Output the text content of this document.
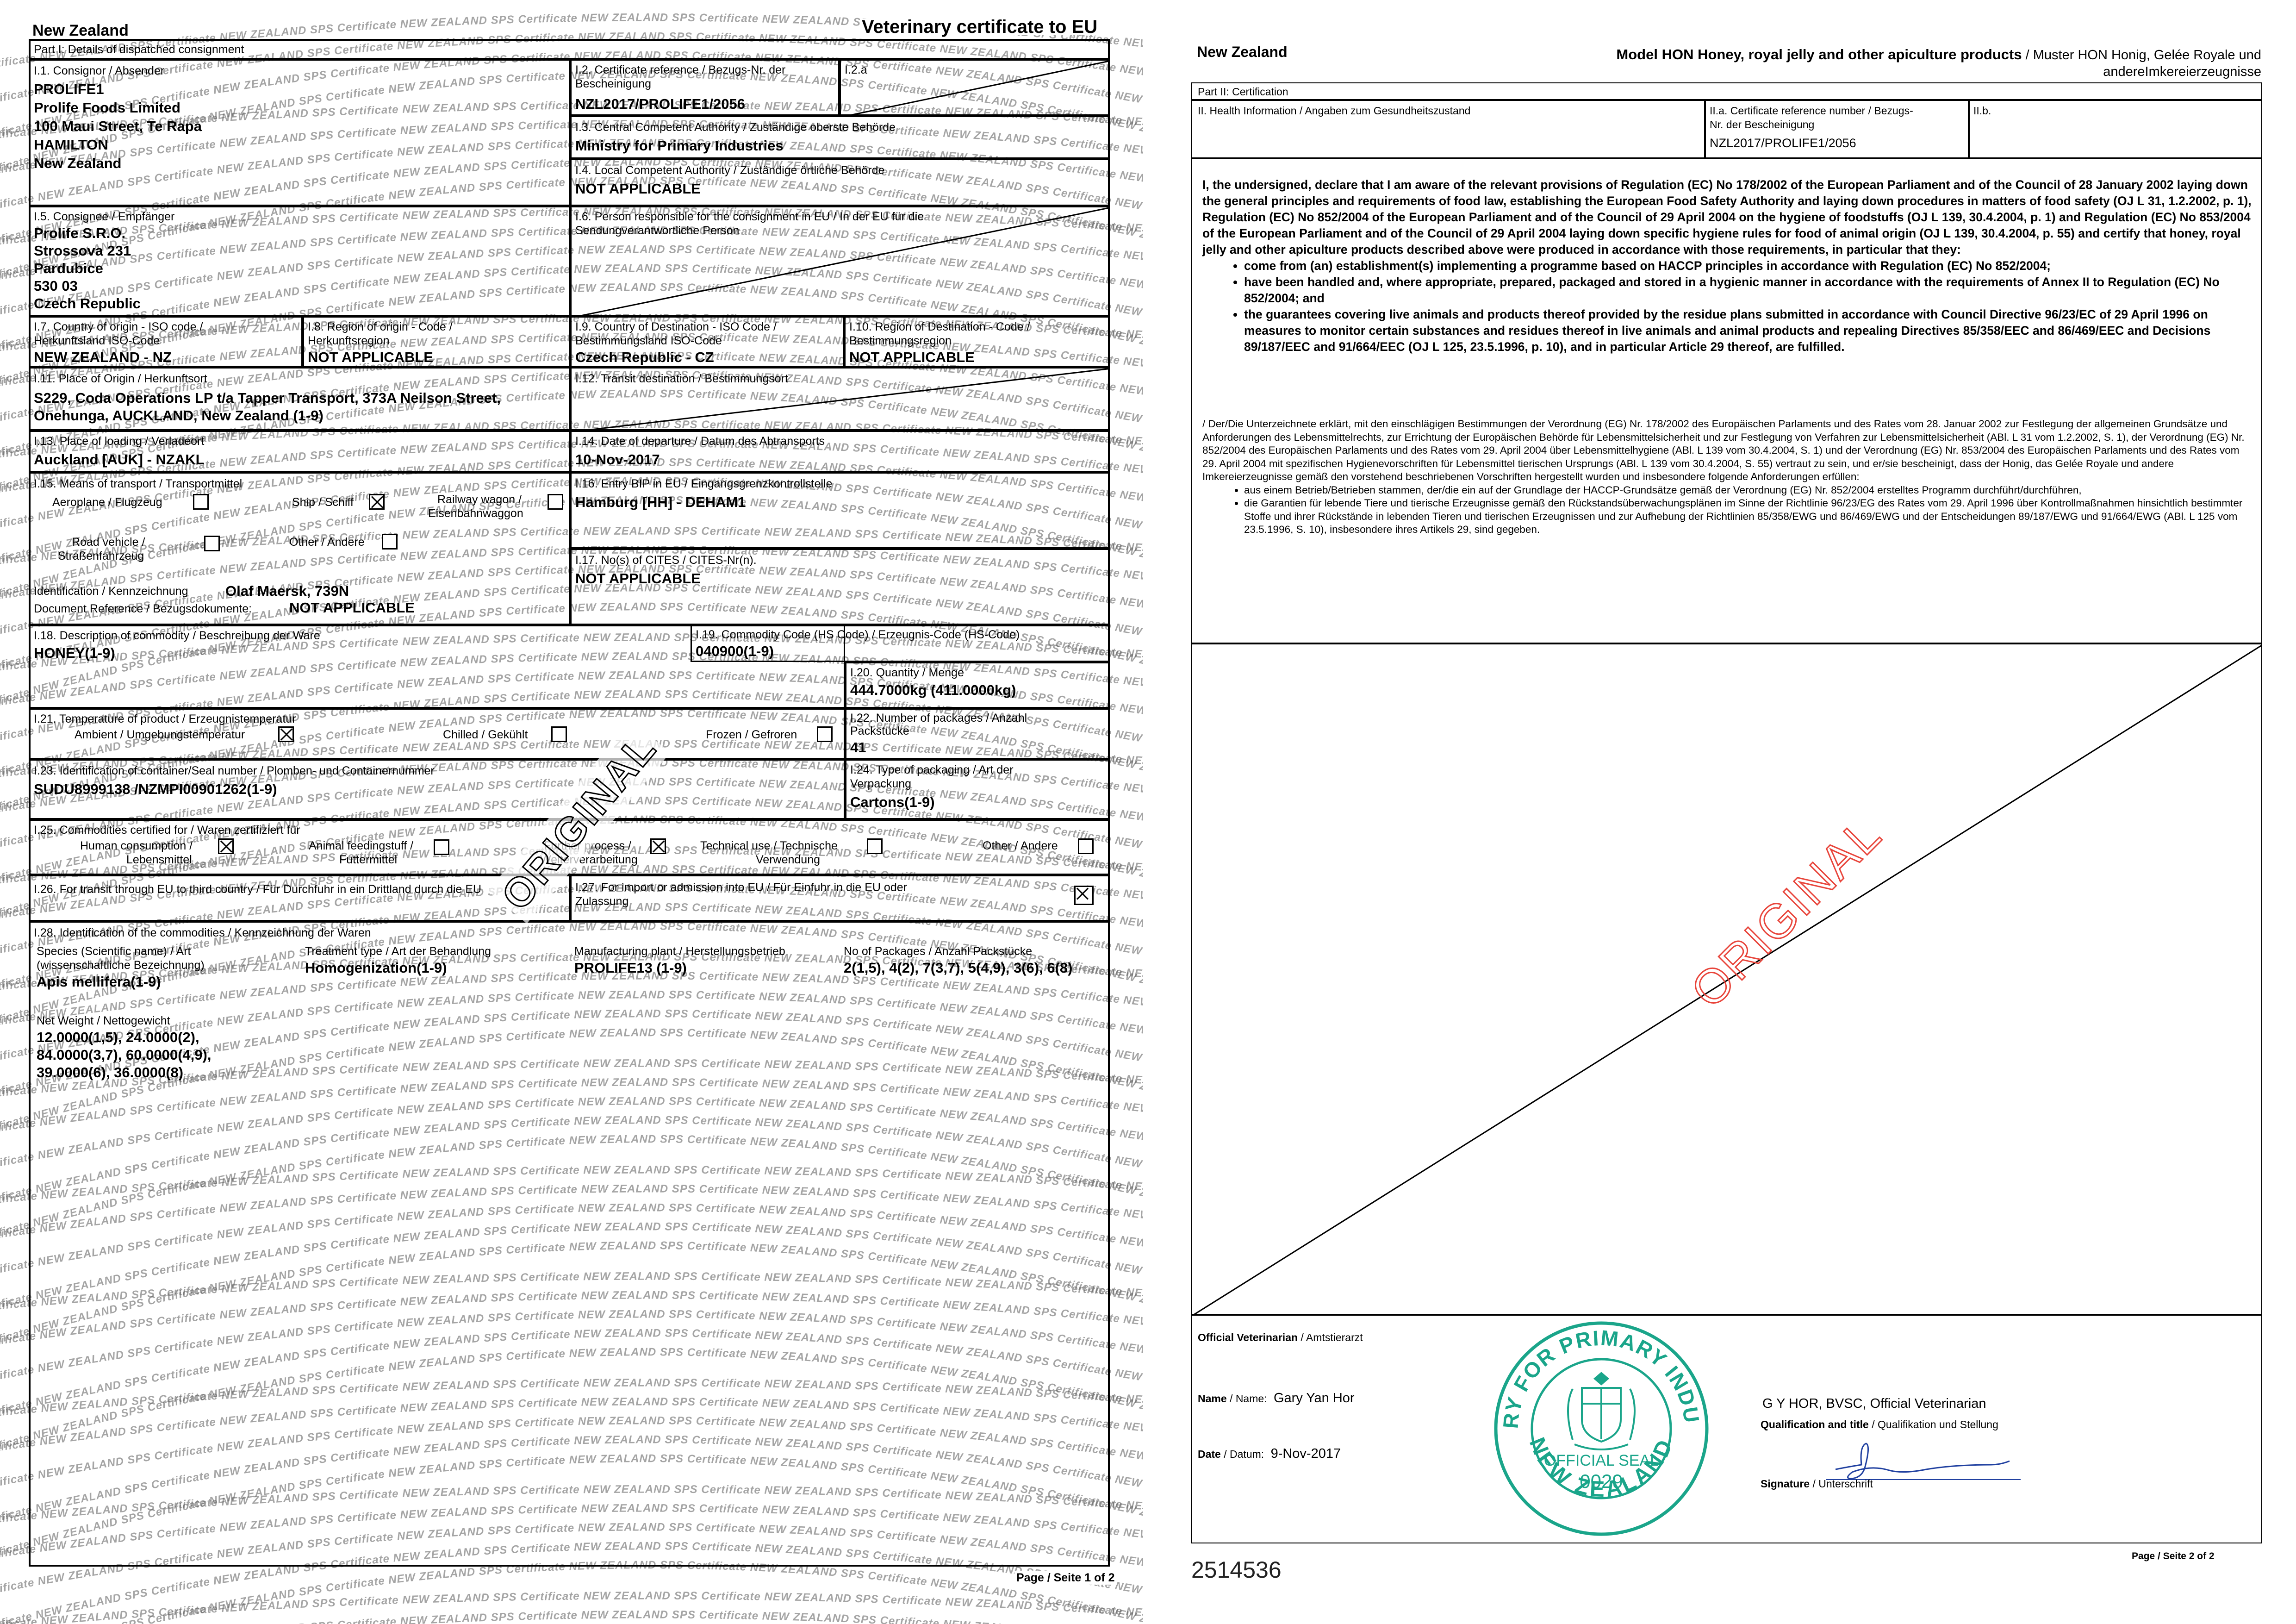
ificate NEW ZEALAND SPS Certificate NEW ZEALAND SPS Certificate NEW ZEALAND SPS Certificate NEW ZEALAND SPS Certificate NEW ZEALAND S Certificate NE
ficate NEW ZEALAND SPS Certificate NEW ZEALAND SPS Certificate NEW ZEALAND SPS Certificate NEW ZEALAND SPS Certificate NEW ZEALAND SPS Certificate NEW ZEALAND SPS Certif cate NE
ficate NEW ZEALAND SPS Certificate NEW ZEALAND SPS Certificate NEW ZEALAND SPS Certificate NEW ZEALAND SPS Certificate NEW ZEALAND SPS Certificate NEW ZEALAN SPS Certificate NEW
icate NEW ZEALAND SPS Certificate NEW ZEALAND SPS Certificate NEW ZEALAND SPS Certificate NEW ZEALAND SPS Certificate NEW ZEALAND SPS Certificate NEW ZEALAND SPS Certificate NEW
ificate NEW ZEALAND SPS Certificate NEW ZEALAND SPS Certificate NEW ZEALAND SPS Certificate NEW ZEALAND SPS Certificate NEW ZEALAND SPS Certificate NEW ZEALAND SPS Certificate NE
ificate NEW ZEALAND SPS Certificate NEW ZEALAND SPS Certificate NEW ZEALAND SPS Certificate NEW ZEALAND SPS Certificate NEW ZEALAND SPS Certificate NEW ZEALAND SPS Certificate NE
ficate NEW ZEALAND SPS Certificate NEW ZEALAND SPS Certificate NEW ZEALAND SPS Certificate NEW ZEALAND SPS Certificate NEW ZEALAND SPS Certificate NEW ZEALAND SPS Certificate NE
ficate NEW ZEALAND SPS Certificate NEW ZEALAND SPS Certificate NEW ZEALAND SPS Certificate NEW ZEALAND SPS Certificate NEW ZEALAND SPS Certificate NEW ZEALAND SPS Certificate NEW
icate NEW ZEALAND SPS Certificate NEW ZEALAND SPS Certificate NEW ZEALAND SPS Certificate NEW ZEALAND SPS Certificate NEW ZEALAND SPS Certificate NEW ZEALAND SPS C rtificate NEW
ificate NEW ZEALAND SPS Certificate NEW ZEALAND SPS Certificate NEW ZEALAND SPS Certificate NEW ZEALAND SPS Certificate NEW ZEALAND SPS Certificate NEW ZEALAND PS Certificate NE
ificate NEW ZEALAND SPS Certificate NEW ZEALAND SPS Certificate NEW ZEALAND SPS Certificate NEW ZEALAND SPS Certificate NEW ZEALAND SPS Certificate NEW ZEALAND SPS Certificate NE
ficate NEW ZEALAND SPS Certificate NEW ZEALAND SPS Certificate NEW ZEALAND SPS Certificate NEW ZEALAND SPS Certificate NEW ZEALAND SP Certificate NEW ZEALAND SPS Certificate NE
ficate NEW ZEALAND SPS Certificate NEW ZEALAND SPS Certificate NEW ZEALAND SPS Certificate NEW ZEALAND SPS Certificate NEW ZEALAND SPS Certificate NEW ZEALAND SPS Certificate NEW
icate NEW ZEALAND SPS Certificate NEW ZEALAND SPS Certificate NEW ZEALAND SPS Certificate NEW ZEALAND SPS Cert icate NEW ZEALAND SPS Certificate NEW ZEALAND SPS Certificate NEW
ificate NEW ZEALAND SPS Certificate NEW ZEALAND SPS Certificate NEW ZEALAND SPS Certificate NEW ZEALAND SPS Certificate NEW ZEALAND SPS Certificate NEW ZEALAND SPS Certificate NE
ificate NEW ZEALAND SPS Certificate NEW ZEALAND SPS Certificate NEW ZEALAND SPS Certificate NEW ZEALAND SPS Certificate NEW ZEALAND SPS Certificate NEW ZEALAND SPS Certificate NE
ficate NEW ZEALAND SPS Certificate NEW ZEALAND SPS Certificate NEW ZEALAND SPS Certificate NEW ZEALAND SPS Certificate NEW ZEALAND SPS Certificate NEW ZEALAND PS Certificate NE
ficate NEW ZEALAND SPS Certificate NEW ZEALAND SPS Certificate NEW ZEALAND SPS Certificate NEW ZEALAND SPS Certificate NEW ZEALAND SPS Certificate NEW ZEALAND SPS Certificate NEW
icate NEW ZEALAND SPS Certificate NEW ZEALAND SPS Certificate NEW ZEALAND SPS Certificate NEW ZEALAND SPS Certificate NEW ZEALAN SPS Certificate NEW ZEALAND SPS Certificate NEW
ificate NEW ZEALAND SPS Certificate NEW ZEALAND SPS Certificate NEW ZEALAND SPS Certificate NEW ZE LAND SPS Certificate NEW ZEALAND SPS Certificate NEW ZEALAND SPS Certificate NE
ificate NEW ZEALAND SPS Certificate NEW ZEALAND SPS Certificate NEW ZEALAND SPS Certificate NEW ZEALAND SPS Certificate NEW ZEALAND SPS Certificate NEW ZEALAND SPS Certificate NE
ficate NEW ZEALAND SPS Certificate NEW ZEALAND SPS Certificate NEW ZEALAND SPS Certificate NEW ZEALAND SPS Certificate NEW ZEALAND SPS Certificate NEW ZEALAND SPS Certificate NE
ficate NEW ZEALAND SPS Certificate NEW ZEALAND SPS Certifi e NEW ZEALAND SPS Certificate NEW ZEALAND SPS Certificate NEW ZEALAND SPS Certificate NEW ZEALAND SPS Certificate NEW
icate NEW ZEALAND SPS Certificate EW ZEALAND SPS Certificate NEW ZEALAND SPS Certific NEW ZEALAND SPS Certificate NEW ZEALAND SPS Certificate NEW ZEALAND SPS Certificate NEW
ificate NEW ZEALAND SPS Certific NEW ZEALAND SPS Certific NEW ZEALAND SPS Certificate NEW ZEALAND SPS Certificate NEW ZEALAND SPS Certificate NEW ZEALAND SPS Certificate NE
ificate NEW ZEALAND SPS Certificate NEW ZEALAND SPS Certificate NEW ZEALAND SPS Certificate NEW ZEALAND SPS Certificate NEW ZEALAND SPS Certificate NEW ZEALAND SPS Certificate NE
ficate NEW ZEALAND SPS Certificate NEW ZEALAND SPS Certificate NEW ZEALAND SPS Certificate NEW ZEALAND SPS Certificate NEW ZEALAND SPS Certificate NEW ZEALAND SPS Certificate NE
ficate NEW ZEALAND SPS Certificate NEW ZEALAND SPS Certificate NEW ZEALAND SPS Certificate NEW ZEALAND SPS Certificate NEW ZEALAND SPS Certificate NEW ZEALAND SPS Certificate NEW
icate NEW ZEALAND SPS Certificate NEW ZEALAND SPS Certificate NEW ZEALAND SPS Certificate NEW ZEALAND SPS Certificate NEW ZEALAND SPS Certificate NEW ZEALAND SPS Certificate NEW
ificate NEW ZEALAND SPS Certificate NEW ZEALAND SPS Certificate NEW ZEALAND SPS Certificate NEW ZEALAND SPS Certificate NEW ZEALAND SPS Certificate NEW ZEALAND SPS Certificate NE
ificate NEW ZEALAND SPS Certificate NEW ZEALAND SPS Certificate NEW ZEALAND SPS Certificate NEW ZEALAND SPS Certificate NEW ZEALAND SPS Certificate NEW ZEALAND SPS Certificate NE
ficate NEW ZEALAND SPS Certificate NEW ZEALAND SPS Certificate NEW ZEALAND SPS Certificate NEW ZEALAND SPS Certificate NEW ZEALAND SPS Certificate NEW ZEALAND SPS Certificate NE
ficate NEW ZEALAND SPS Certificate NEW ZEALAND SPS Certificate NEW ZEALAND SPS Certificate NEW ZEALAND SPS Certificate NEW ZEALAND SPS Certificate NEW ZEALAND SPS Certificate NEW
icate NEW ZEALAND SPS Certificate NEW ZEALAN SPS Certificate NEW ZEALAND SPS Certificate NEW ZEALAND SPS Certificate NEW ZEALAND SPS Certificate NEW ZEALAND SPS Certificate NEW
ificate NEW ZEALAND SPS Certificate NEW ZEALAND SPS Certificate NEW ZEALAND SPS Certificate NEW D SPS Certificate NEW ZEALAND SPS Certificate NEW ZEALAND SPS Certificate NE
ificate NEW ZEALAND SPS Certificate NEW ZEALAND SPS Certificate NEW ZEALAND SPS Certificate NE D SPS Certificate NEW ZEALAND SPS Certificate NEW ZEALAND SPS Certificate NE
ficate NEW ZEALAND SPS Certificate NEW ZEALAND SPS Certificate NEW ZEALAND SPS Certificate ND SPS Certificate NEW ZEALAND SPS Certificate NEW ZEALAND SPS Certificate NE
ficate NEW ZEALAND SPS Certificate NEW ZEALAND SPS Certificate NEW ZEALAND SPS Certifica LAND SPS Certificate NEW ZEALAND SPS Certificate NEW ZEALAND SPS Certificate NEW
icate NEW ZEALAND SPS Certificate NEW ZEALAND SPS Certificate NEW ZEALAND SPS Certifi ALAND SPS Certificate NEW ZEALAND SPS Certificate NEW ZEALAND SPS Certificate NEW
ificate NEW ZEALAND SPS Certificate NEW ZEALAND SPS Certificate NEW ALAND SPS EW ZEALA D SPS Certificate NEW ZEALAND S Certificate NEW ZEALAND SPS Certificate NE
ificate NEW ZEALAND SPS Certificate NEW ZEALAND SPS Certificate NEW ZEALAND SP e NEW ZEALAND SPS Certificate NEW ZEALAND SPS Certificate NEW ZEALAND SPS Ce icate NE
ficate NEW ZEALAND SPS Certificate NEW ZEALAND SPS Certificate NEW ZEALAND ate NEW ZEALAND SPS Certificate NEW ZEALAND SPS Certificate NEW ZEALAND SPS Certificate NE
ficate NEW ZEALAND SPS Certificate NEW ZEALAND SPS Certificate NEW ZEALAND SPS ficate NEW ZEALAND SPS Certificate NEW ZEALAND SPS Certificate NEW ZEALAND SPS Certificate NEW
icate NEW ZEALAND SPS Certificate NEW ZEALAND SPS Certificate NEW ZEALAND SPS Certificate NEW ZEALAND SPS Certificate NEW ZEALAND SPS Certificate NEW ZEALAND SPS Certificate NEW
ificate NEW ZEALAND SPS Certificate NEW ZEALAND SPS Certificate NEW ZEALAND SPS Certificate NEW ZEALAND SPS Certificate NEW ZEALAND SPS Certificate NEW ZEALAND SPS Certificate NE
ificate NEW ZEALAND SPS Certificate NEW ZEALAND SPS Certificate NEW ZEALAND SPS Certificate NEW ZEALAND SPS Certificate NEW ZEALAND SPS Certificate NEW ZEALAND SPS Certificate NE
ficate NEW ZEALAND SPS Certificate NEW ZEALAND SPS Certificate NEW ZEALAND SPS Certificate NEW ZEALAND SPS Certificate NEW ZEALAND SPS Certificate NEW ZEALAND SPS Certificate NE
ficate NEW ZEALAND SPS Certificate NEW ZEALAND SPS Certificate NEW ZEALAND SPS Certificate NEW ZEALAND SPS Certificate NEW ZEALAND SPS Certificate NEW ZEALAND SPS Certificate NEW
icate NEW ZEALAND SPS Certificate NEW ZEALAND SPS Certificate NEW ZEALAND SPS Certificate NEW ZEALAND SPS Certificate NEW ZEALAND SPS Certificate NEW ZEALAND SPS Certificate NEW
ificate NEW ZEALAND SPS Certificate NEW ZEALAND SPS Certificate NEW ZEALAND SPS Certificate NEW ZEALAND SPS Certificate NEW ZEALAND SPS Certificate NEW ZEALAND SPS Certificate NE
ificate NEW ZEALAND SPS Certificate NEW ZEALAND SPS Certificate NEW ZEALAND SPS Certificate NEW ZEALAND SPS Certificate NEW ZEALAND SPS Certificate NEW ZEALAND SPS Certificate NE
ficate NEW ZEALAND SPS Certificate NEW ZEALAND SPS Certificate NEW ZEALAND SPS Certificate NEW ZEALAND SPS Certificate NEW ZEALAND SPS Certificate NEW ZEALAND SPS Certificate NE
ficate NEW ZEALAND SPS Certificate NEW ZEALAND SPS Certificate NEW ZEALAND SPS Certificate NEW ZEALAND SPS Certificate NEW ZEALAND SPS Certificate NEW ZEALAND SPS Certificate NEW
icate NEW ZEALAND SPS Certificate NEW ZEALAND SPS Certificate NEW ZEALAND SPS Certificate NEW ZEALAND SPS Certificate NEW ZEALAND SPS Certificate NEW ZEALAND SPS Certificate NEW
ificate NEW ZEALAND SPS Certificate NEW ZEALAND SPS Certificate NEW ZEALAND SPS Certificate NEW ZEALAND SPS Certificate NEW ZEALAND SPS Certificate NEW ZEALAND SPS Certificate NE
ificate NEW ZEALAND SPS Certificate NEW ZEALAND SPS Certificate NEW ZEALAND SPS Certificate NEW ZEALAND SPS Certificate NEW ZEALAND SPS Certificate NEW ZEALAND SPS Certificate NE
ficate NEW ZEALAND SPS Certificate NEW ZEALAND SPS Certificate NEW ZEALAND SPS Certificate NEW ZEALAND SPS Certificate NEW ZEALAND SPS Certificate NEW ZEALAND SPS Certificate NE
ficate NEW ZEALAND SPS Certificate NEW ZEALAND SPS Certificate NEW ZEALAND SPS Certificate NEW ZEALAND SPS Certificate NEW ZEALAND SPS Certificate NEW ZEALAND SPS Certificate NEW
icate NEW ZEALAND SPS Certificate NEW ZEALAND SPS Certificate NEW ZEALAND SPS Certificate NEW ZEALAND SPS Certificate NEW ZEALAND SPS Certificate NEW ZEALAND SPS Certificate NEW
ificate NEW ZEALAND SPS Certificate NEW ZEALAND SPS Certificate NEW ZEALAND SPS Certificate NEW ZEALAND SPS Certificate NEW ZEALAND SPS Certificate NEW ZEALAND SPS Certificate NE
ificate NEW ZEALAND SPS Certificate NEW ZEALAND SPS Certificate NEW ZEALAND SPS Certificate NEW ZEALAND SPS Certificate NEW ZEALAND SPS Certificate NEW ZEALAND SPS Certificate NE
ficate NEW ZEALAND SPS Certificate NEW ZEALAND SPS Certificate NEW ZEALAND SPS Certificate NEW ZEALAND SPS Certificate NEW ZEALAND SPS Certificate NEW ZEALAND SPS Certificate NE
ficate NEW ZEALAND SPS Certificate NEW ZEALAND SPS Certificate NEW ZEALAND SPS Certificate NEW ZEALAND SPS Certificate NEW ZEALAND SPS Certificate NEW ZEALAND SPS Certificate NEW
icate NEW ZEALAND SPS Certificate NEW ZEALAND SPS Certificate NEW ZEALAND SPS Certificate NEW ZEALAND SPS Certificate NEW ZEALAND SPS Certificate NEW ZEALAND SPS Certificate NEW
ificate NEW ZEALAND SPS Certificate NEW ZEALAND SPS Certificate NEW ZEALAND SPS Certificate NEW ZEALAND SPS Certificate NEW ZEALAND SPS Certificate NEW ZEALAND SPS Certificate NE
ificate NEW ZEALAND SPS Certificate NEW ZEALAND SPS Certificate NEW ZEALAND SPS Certificate NEW ZEALAND SPS Certificate NEW ZEALAND SPS Certificate NEW ZEALAND SPS Certificate NE
ficate NEW ZEALAND SPS Certificate NEW ZEALAND SPS Certificate NEW ZEALAND SPS Certificate NEW ZEALAND SPS Certificate NEW ZEALAND SPS Certificate NEW ZEALAND SPS Certificate NE
ficate NEW ZEALAND SPS Certificate NEW ZEALAND SPS Certificate NEW ZEALAND SPS Certificate NEW ZEALAND SPS Certificate NEW ZEALAND SPS Certificate NEW ZEALAND SPS Certificate NEW
icate NEW ZEALAND SPS Certificate NEW ZEALAND SPS Certificate NEW ZEALAND SPS Certificate NEW ZEALAND SPS Certificate NEW ZEALAND SPS Certificate NEW ZEALAND SPS Certificate NEW
ificate NEW ZEALAND SPS Certificate NEW ZEALAND SPS Certificate NEW ZEALAND SPS Certificate NEW ZEALAND SPS Certificate NEW ZEALAND SPS Certificate NEW ZEALAND SPS Certificate NE
ificate NEW ZEALAND SPS Certificate NEW ZEALAND SPS Certificate NEW ZEALAND SPS Certificate NEW ZEALAND SPS Certificate NEW ZEALAND SPS Certificate NEW ZEALAND SPS Certificate NE
ficate NEW ZEALAND SPS Certificate NEW ZEALAND SPS Certificate NEW ZEALAND SPS Certificate NEW ZEALAND SPS Certificate NEW ZEALAND SPS Certificate NEW ZEALAND SPS Certificate NE
ficate NEW ZEALAND SPS Certificate NEW ZEALAND SPS Certificate NEW ZEALAND SPS Certificate NEW ZEALAND SPS Certificate NEW ZEALAND SPS Certificate NEW ZEALAN NEW
S Certificate NEW ZEALAND SPS Certificate NEW ZEALAND SPS Certificate NEW ZEALAND SPS Certificate NEW ZEALAND SPS Certificate NEW ZEALAND SPS Certificate NEW
cate NEW ZEALAND SPS Certificate NEW ZEALAND SPS Certificate NEW ZEALAND SPS Certificate NEW ZEALAND SPS Certificate NEW ZEALAND SPS Certificate NEW ZEALAND SPS Certificate NE
tificate NEW ZEALAND SPS Certificate NEW ZEALAND SPS Certificate NEW ZEALAND SPS Certificate
New Zealand	Veterinary certificate to EU
Part I: Details of dispatched consignment
I.1. Consignor / Absender
PROLIFE1
Prolife Foods Limited
100 Maui Street, Te Rapa
HAMILTON
New Zealand
I.2. Certificate reference / Bezugs-Nr. der
Bescheinigung
NZL2017/PROLIFE1/2056
I.2.a
I.3. Central Competent Authority / Zuständige oberste Behörde
Ministry for Primary Industries
I.4. Local Competent Authority / Zuständige örtliche Behörde
NOT APPLICABLE
I.5. Consignee / Empfänger
Prolife S.R.O.
Strossova 231
Pardubice
530 03
Czech Republic
I.6. Person responsible for the consignment in EU / In der EU für die
Sendungverantwortliche Person
I.7. Country of origin - ISO code /
Herkunftsland ISO-Code
NEW ZEALAND - NZ
I.8. Region of origin - Code /
Herkunftsregion
NOT APPLICABLE
I.9. Country of Destination - ISO Code /
Bestimmungsland ISO-Code
Czech Republic - CZ
I.10. Region of Destination - Code /
Bestimmungsregion
NOT APPLICABLE
I.11. Place of Origin / Herkunftsort
S229, Coda Operations LP t/a Tapper Transport, 373A Neilson Street,
Onehunga, AUCKLAND, New Zealand (1-9)
I.12. Transit destination / Bestimmungsort
I.13. Place of loading / Verladeort
Auckland [AUK] - NZAKL
I.14. Date of departure / Datum des Abtransports
10-Nov-2017
I.15. Means of transport / Transportmittel
Aeroplane / Flugzeug	Ship / Schiff	Railway wagon /
Eisenbahnwaggon
Road vehicle /
Straßenfahrzeug
Other / Andere
Identification / Kennzeichnung	Olaf Maersk, 739N
Document Reference / Bezugsdokumente:	NOT APPLICABLE
I.16. Entry BIP in EU / Eingangsgrenzkontrollstelle
Hamburg [HH] - DEHAM1
I.17. No(s) of CITES / CITES-Nr(n).
NOT APPLICABLE
I.18. Description of commodity / Beschreibung der Ware
HONEY(1-9)
I.19. Commodity Code (HS Code) / Erzeugnis-Code (HS-Code)
040900(1-9)
I.20. Quantity / Menge
444.7000kg (411.0000kg)
I.21. Temperature of product / Erzeugnistemperatur
Ambient / Umgebungstemperatur	Chilled / Gekühlt	Frozen / Gefroren
I.22. Number of packages / Anzahl
Packstücke
41
I.23. Identification of container/Seal number / Plomben- und Containernummer
SUDU8999138 /NZMPI00901262(1-9)
I.24. Type of packaging / Art der
Verpackung
Cartons(1-9)
I.25. Commodities certified for / Waren zertifiziert für
Human consumption /
Lebensmittel
Animal feedingstuff /
Futtermittel	Weiterverarbeitung
Technical use / Technische
Verwendung
Other / Andere
I.26. For transit through EU to third country / Für Durchfuhr in ein Drittland durch die EU	I.27. For import or admission into EU / Für Einfuhr in die EU oder
Zulassung
I.28. Identification of the commodities / Kennzeichnung der Waren
Species (Scientific name) / Art
(wissenschaftliche Bezeichnung)
Apis mellifera(1-9)
Treatment type / Art der Behandlung
Homogenization(1-9)
Manufacturing plant / Herstellungsbetrieb
PROLIFE13 (1-9)
No of Packages / Anzahl Packstücke
2(1,5), 4(2), 7(3,7), 5(4,9), 3(6), 6(8)
Net Weight / Nettogewicht
12.0000(1,5), 24.0000(2),
84.0000(3,7), 60.0000(4,9),
39.0000(6), 36.0000(8)
ORIGINAL
Page / Seite 1 of 2
New Zealand	Model HON Honey, royal jelly and other apiculture products / Muster HON Honig, Gelée Royale und
andereImkereierzeugnisse
Part II: Certification
II. Health Information / Angaben zum Gesundheitszustand	II.a. Certificate reference number / Bezugs-
Nr. der Bescheinigung
NZL2017/PROLIFE1/2056
II.b.
I, the undersigned, declare that I am aware of the relevant provisions of Regulation (EC) No 178/2002 of the European Parliament and of the Council of 28 January 2002 laying down the general principles and requirements of food law, establishing the European Food Safety Authority and laying down procedures in matters of food safety (OJ L 31, 1.2.2002, p. 1), Regulation (EC) No 852/2004 of the European Parliament and of the Council of 29 April 2004 on the hygiene of foodstuffs (OJ L 139, 30.4.2004, p. 1) and Regulation (EC) No 853/2004 of the European Parliament and of the Council of 29 April 2004 laying down specific hygiene rules for food of animal origin (OJ L 139, 30.4.2004, p. 55) and certify that honey, royal jelly and other apiculture products described above were produced in accordance with those requirements, in particular that they:
• come from (an) establishment(s) implementing a programme based on HACCP principles in accordance with Regulation (EC) No 852/2004;
• have been handled and, where appropriate, prepared, packaged and stored in a hygienic manner in accordance with the requirements of Annex II to Regulation (EC) No 852/2004; and
• the guarantees covering live animals and products thereof provided by the residue plans submitted in accordance with Council Directive 96/23/EC of 29 April 1996 on measures to monitor certain substances and residues thereof in live animals and animal products and repealing Directives 85/358/EEC and 86/469/EEC and Decisions 89/187/EEC and 91/664/EEC (OJ L 125, 23.5.1996, p. 10), and in particular Article 29 thereof, are fulfilled.
/ Der/Die Unterzeichnete erklärt, mit den einschlägigen Bestimmungen der Verordnung (EG) Nr. 178/2002 des Europäischen Parlaments und des Rates vom 28. Januar 2002 zur Festlegung der allgemeinen Grundsätze und Anforderungen des Lebensmittelrechts, zur Errichtung der Europäischen Behörde für Lebensmittelsicherheit und zur Festlegung von Verfahren zur Lebensmittelsicherheit (ABl. L 31 vom 1.2.2002, S. 1), der Verordnung (EG) Nr. 852/2004 des Europäischen Parlaments und des Rates vom 29. April 2004 über Lebensmittelhygiene (ABl. L 139 vom 30.4.2004, S. 1) und der Verordnung (EG) Nr. 853/2004 des Europäischen Parlaments und des Rates vom 29. April 2004 mit spezifischen Hygienevorschriften für Lebensmittel tierischen Ursprungs (ABl. L 139 vom 30.4.2004, S. 55) vertraut zu sein, und er/sie bescheinigt, dass der Honig, das Gelée Royale und andere Imkereierzeugnisse gemäß den vorstehend beschriebenen Vorschriften hergestellt wurden und insbesondere folgende Anforderungen erfüllen:
• aus einem Betrieb/Betrieben stammen, der/die ein auf der Grundlage der HACCP-Grundsätze gemäß der Verordnung (EG) Nr. 852/2004 erstelltes Programm durchführt/durchführen,
• die Garantien für lebende Tiere und tierische Erzeugnisse gemäß den Rückstandsüberwachungsplänen im Sinne der Richtlinie 96/23/EG des Rates vom 29. April 1996 über Kontrollmaßnahmen hinsichtlich bestimmter Stoffe und ihrer Rückstände in lebenden Tieren und tierischen Erzeugnissen und zur Aufhebung der Richtlinien 85/358/EWG und 86/469/EWG und der Entscheidungen 89/187/EWG und 91/664/EWG (ABl. L 125 vom 23.5.1996, S. 10), insbesondere ihres Artikels 29, sind gegeben.
ORIGINAL
Official Veterinarian / Amtstierarzt
Name / Name: Gary Yan Hor
Date / Datum: 9-Nov-2017
RY FOR PRIMARY INDU
NEW ZEALAND
OFFICIAL SEAL
0029
G Y HOR, BVSC, Official Veterinarian
Qualification and title / Qualifikation und Stellung
Signature / Unterschrift
2514536
Page / Seite 2 of 2
